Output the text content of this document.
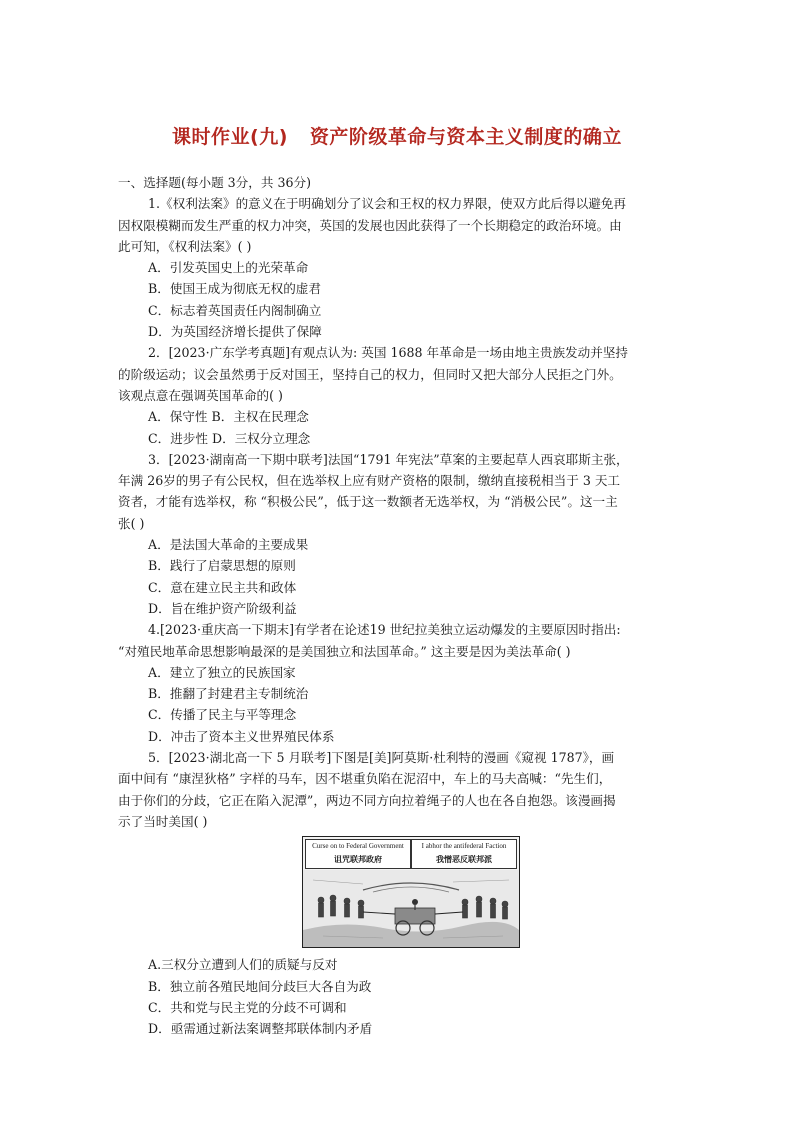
课时作业(九) 资产阶级革命与资本主义制度的确立
一、选择题(每小题 3分，共 36分)
1.《权利法案》的意义在于明确划分了议会和王权的权力界限，使双方此后得以避免再
因权限模糊而发生严重的权力冲突，英国的发展也因此获得了一个长期稳定的政治环境。由
此可知，《权利法案》( )
A．引发英国史上的光荣革命
B．使国王成为彻底无权的虚君
C．标志着英国责任内阁制确立
D．为英国经济增长提供了保障
2．[2023·广东学考真题]有观点认为: 英国 1688 年革命是一场由地主贵族发动并坚持
的阶级运动；议会虽然勇于反对国王，坚持自己的权力，但同时又把大部分人民拒之门外。
该观点意在强调英国革命的( )
A．保守性 B．主权在民理念
C．进步性 D．三权分立理念
3．[2023·湖南高一下期中联考]法国“1791 年宪法”草案的主要起草人西哀耶斯主张，
年满 26岁的男子有公民权，但在选举权上应有财产资格的限制，缴纳直接税相当于 3 天工
资者，才能有选举权，称 “积极公民”，低于这一数额者无选举权，为 “消极公民”。这一主
张( )
A．是法国大革命的主要成果
B．践行了启蒙思想的原则
C．意在建立民主共和政体
D．旨在维护资产阶级利益
4.[2023·重庆高一下期末]有学者在论述19 世纪拉美独立运动爆发的主要原因时指出:
“对殖民地革命思想影响最深的是美国独立和法国革命。” 这主要是因为美法革命( )
A．建立了独立的民族国家
B．推翻了封建君主专制统治
C．传播了民主与平等理念
D．冲击了资本主义世界殖民体系
5．[2023·湖北高一下 5 月联考]下图是[美]阿莫斯·杜利特的漫画《窥视 1787》，画
面中间有 “康涅狄格” 字样的马车，因不堪重负陷在泥沼中，车上的马夫高喊：“先生们，
由于你们的分歧，它正在陷入泥潭”，两边不同方向拉着绳子的人也在各自抱怨。该漫画揭
示了当时美国( )
Curse on to Federal Government
诅咒联邦政府
I abhor the antifederal Faction
我憎恶反联邦派
A.三权分立遭到人们的质疑与反对
B．独立前各殖民地间分歧巨大各自为政
C．共和党与民主党的分歧不可调和
D．亟需通过新法案调整邦联体制内矛盾
